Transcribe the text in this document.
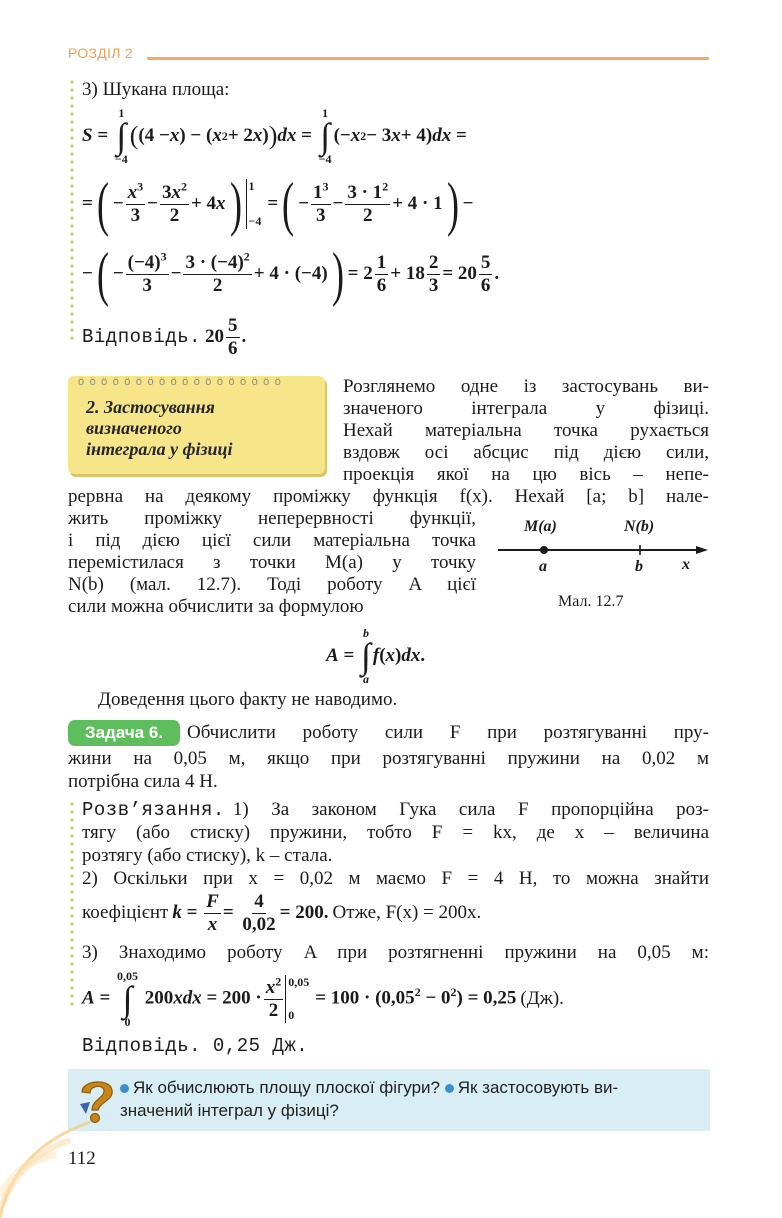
РОЗДІЛ 2
3) Шукана площа:
S =
1
∫
−4
( (4 − x ) − ( x 2 + 2 x ) ) dx =
1
∫
−4
(− x 2 − 3 x + 4) dx =
= ( − $\frac{x^3}{3} - \frac{3x^2}{2} + 4$ x ) 1
−4
= ( − $\frac{1^3}{3} - \frac{3 \cdot 1^2}{2} + 4 \cdot 1$ ) −
− ( − $\frac{(-4)^3}{3} - \frac{3 \cdot (-4)^2}{2} + 4 \cdot (-4)$ ) = $2 \frac{1}{6} + 18 \frac{2}{3} = 20 \frac{5}{6}$ .
Відповідь.
$20 \frac{5}{6}$ .
ӧ ӧ ӧ ӧ ӧ ӧ ӧ ӧ ӧ ӧ ӧ ӧ ӧ ӧ ӧ ӧ ӧ ӧ
2. Застосування
визначеного
інтеграла у фізиці
Розглянемо одне із застосувань ви-
значеного    інтеграла    у    фізиці.
Нехай матеріальна точка рухається
вздовж осі абсцис під дією сили,
проекція якої на цю вісь – непе-
рервна на деякому проміжку функція f(x). Нехай [a; b] нале-
жить проміжку неперервності функції,
і під дією цієї сили матеріальна точка
перемістилася з точки M(a) у точку
N(b) (мал. 12.7). Тоді роботу A цієї
сили можна обчислити за формулою
M(a)	N(b)
a	b x
Мал. 12.7
A =
b
∫
a
f ( x ) dx .
Доведення цього факту не наводимо.
Задача 6.	Обчислити роботу сили F при розтягуванні пру-
жини на 0,05 м, якщо при розтягуванні пружини на 0,02 м
потрібна сила 4 Н.
Розв’язання. 1) За законом Гука сила F пропорційна роз-
тягу (або стиску) пружини, тобто F = kx, де x – величина
розтягу (або стиску), k – стала.
2) Оскільки при x = 0,02 м маємо F = 4 Н, то можна знайти
коефіцієнт
$k = \frac{F}{x} = \frac{4}{0,02} = 200$.
Отже, F(x) = 200x.
3) Знаходимо роботу A при розтягненні пружини на 0,05 м:
A =
0,05
∫
0
$200xdx = 200 \cdot \frac{x^2}{2} 0,05$
0
= $100 \cdot (0,05^2 - 0^2) = 0,25$
(Дж).
Відповідь. 0,25 Дж.
Як обчислюють площу плоскої фігури? Як застосовують ви-
значений інтеграл у фізиці?
112
